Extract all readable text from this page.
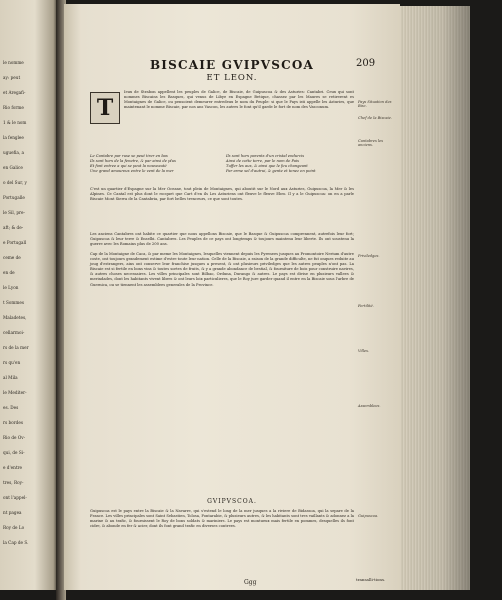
le nomme
ay: peut
et Aregafi-
Rio forme
1 & le nom
la fenglee
uguefia, a
en Galice
o del Sur, y
Portugalle
le Sil, pre-
aft; & de-
e Portugall
ceme de
en de
le Lyon
t Sommes
Maladetes,
cellarmoi-
rs de la mer
rs qu'en
al Mila
le Mediter-
es. Des
rs bordes
Rio de Ov-
qui, de Si-
e d'entre
tres, Roy-
ont l'appel-
nt pagea
Roy de Lo
la Cap de S.
BISCAIE GVIPVSCOA
ET LEON.
209
T
Ieux de Strabon appellent les peuples de Galice, de Biscaie, de Guipuscoa & des Asturies: Cantabri. Ceux qui sont nommes Biscains les Basques, qui venus de Libye en Espagne Betique, chassez par les Maures se retirerent es Montaignes de Galice, ou pensoient demeurer entredeux le nom du Peuple: si que le Pays isti appelle les Asturies, que maintenant le nomme Biscaie, par nos ans Vascon, les autres le font qu'il garde le fort de nom des Vasconum.
C'est un quartier d'Espagne sur la Mer Oceane, tout plein de Montaignes, qui aboutit sur le Nord aux Asturies, Guipuscoa, la Mer & les Alpines. Ce Cantal est plus dont le rocquet que Cart d'en ils Les Asturiens ont fleuve le fleuve Ebro. Il y a le Guipuscoa: on en a parle Biscaie Mont Sierra de la Cantabria, par fort belles trenceurs, ce que sont toutes.
Le Cantabre par ruse se peut tirer en bas	Ils sont hors parents d'un cristal endurcis
Ils sont hors de la fenetre, & par ainsi de plus	Ainsi de cette terre, par le nom de Pais
Et font entree a qui se peut la nouveauté	Tuffer les aux, & ainsi que le feu changeant
Une grand amoureux entre le vent de la mer	Par arme sel d'autrui, & gente et tenez en point
Les anciens Cantabres ont habite ce quartier que nous appellons Biscaie, que le Basque & Guipuscoa comprennent, autrefois leur fort; Guipuscoa & leur terre & Enselbi. Cantabres. Les Peuples de ce pays ont longtemps & toujours maintenu leur liberte. Ils ont soustenu la guerre avec les Romains plus de 200 ans.
Cap de la Montaigne de Caca, & par meme les Montaignes, lesquelles viennent depuis les Pyrenees jusques au Promontoire Nerium d'autre coste, ont toujours grandement estime d'estre toute leur nation. Celle de la Biscaie, a raison de la grande difficulte, ne fut onques reduite au joug d'estrangers, ains ont conserve leur franchise jusques a present, & ont plusieurs priviledges que les autres peuples n'ont pas. La Biscaie est si fertile en bons vins & toutes sortes de fruits, & y a grande abondance de bestial, & fourniture de bois pour construire navires, & autres choses necessaires. Les villes principales sont Bilbao, Orduna, Durango & autres. Le pays est divise en plusieurs vallees & merindades, dont les habitants vivent libres & ont leurs loix particulieres, que le Roy jure garder quand il entre en la Biscaie sous l'arbre de Guernica, ou se tiennent les assemblees generales de la Province.
GVIPVSCOA.
Guipuscoa est le pays entre la Biscaie & la Navarre, qui s'estend le long de la mer jusques a la riviere de Bidassoa, qui la separe de la France. Les villes principales sont Saint Sebastien, Tolosa, Fontarabie, & plusieurs autres, & les habitants sont tres vaillants & adonnez a la marine & au trafic, & fournissent le Roy de bons soldats & mariniers. Le pays est montueux mais fertile en pommes, desquelles ils font cidre, & abonde en fer & acier, dont ils font grand trafic en diverses contrees.
Pays Situation des Bisc.
Chef de la Biscaie.
Cantabres les anciens.
Priviledges.
Fertilité.
Villes.
Assemblees.
Guipuscoa.
Ggg	transalli-tions.
